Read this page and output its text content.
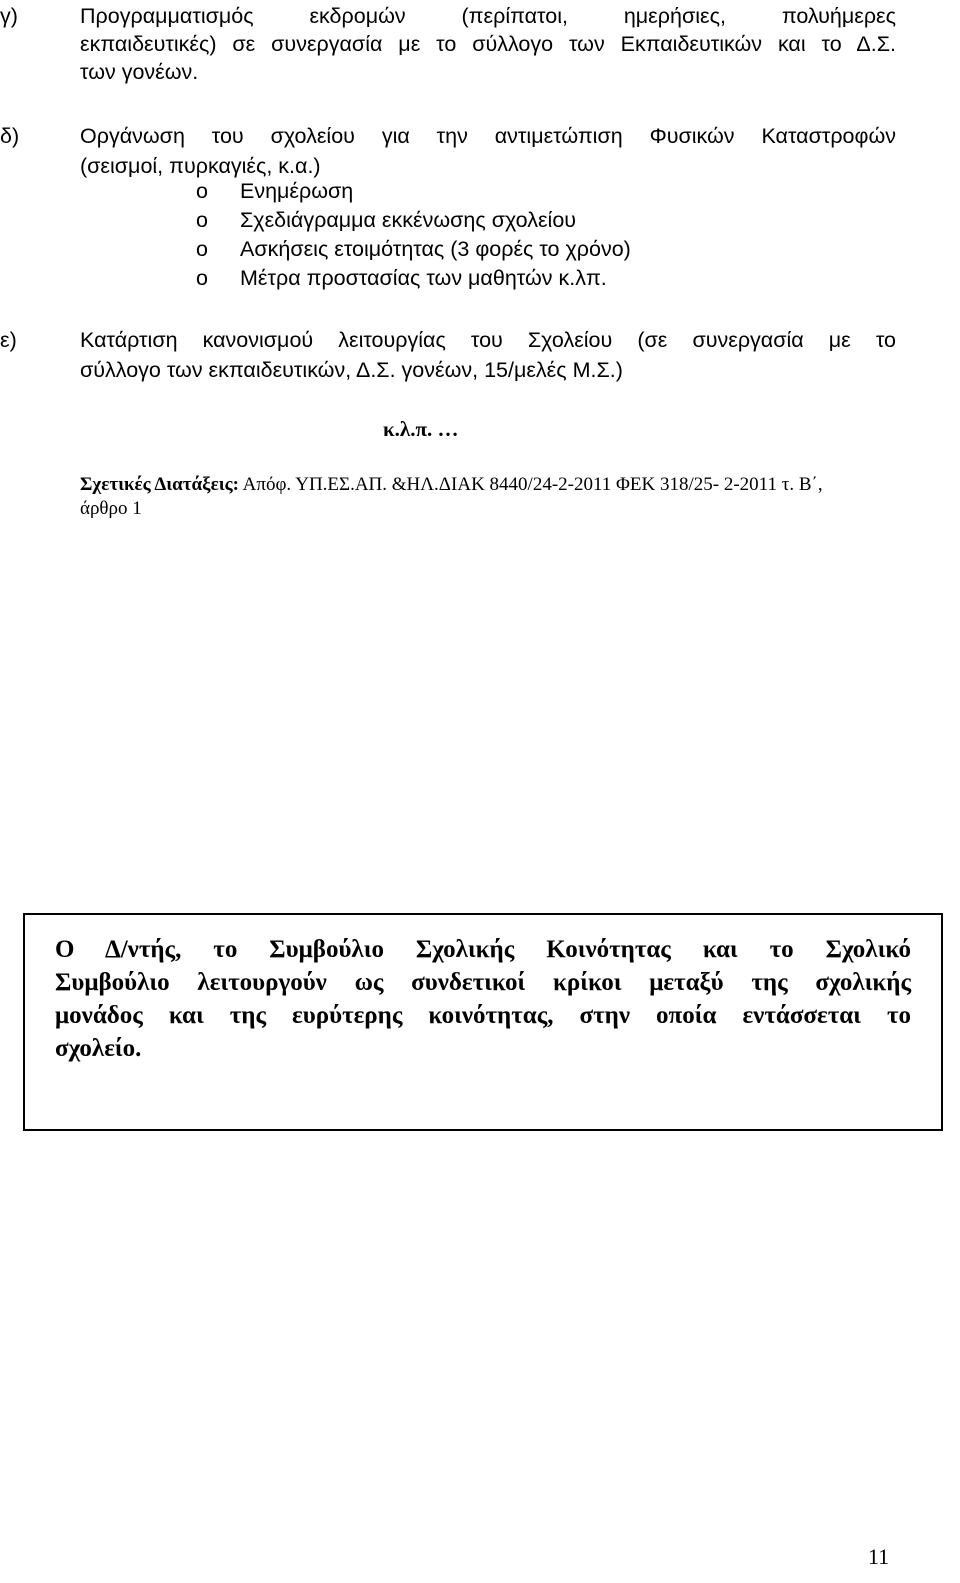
γ)	Προγραμματισμός εκδρομών (περίπατοι, ημερήσιες, πολυήμερες
εκπαιδευτικές) σε συνεργασία με το σύλλογο των Εκπαιδευτικών και το Δ.Σ.
των γονέων.
δ)	Οργάνωση του σχολείου για την αντιμετώπιση Φυσικών Καταστροφών
(σεισμοί, πυρκαγιές, κ.α.)
o Ενημέρωση
o Σχεδιάγραμμα εκκένωσης σχολείου
o Ασκήσεις ετοιμότητας (3 φορές το χρόνο)
o Μέτρα προστασίας των μαθητών κ.λπ.
ε)	Κατάρτιση κανονισμού λειτουργίας του Σχολείου (σε συνεργασία με το
σύλλογο των εκπαιδευτικών, Δ.Σ. γονέων, 15/μελές Μ.Σ.)
κ.λ.π. …
Σχετικές Διατάξεις: Απόφ. ΥΠ.ΕΣ.ΑΠ. &ΗΛ.ΔΙΑΚ 8440/24-2-2011 ΦΕΚ 318/25- 2-2011 τ. Β΄,
άρθρο 1
Ο Δ/ντής, το Συμβούλιο Σχολικής Κοινότητας και το Σχολικό
Συμβούλιο λειτουργούν ως συνδετικοί κρίκοι μεταξύ της σχολικής
μονάδος και της ευρύτερης κοινότητας, στην οποία εντάσσεται το
σχολείο.
11
